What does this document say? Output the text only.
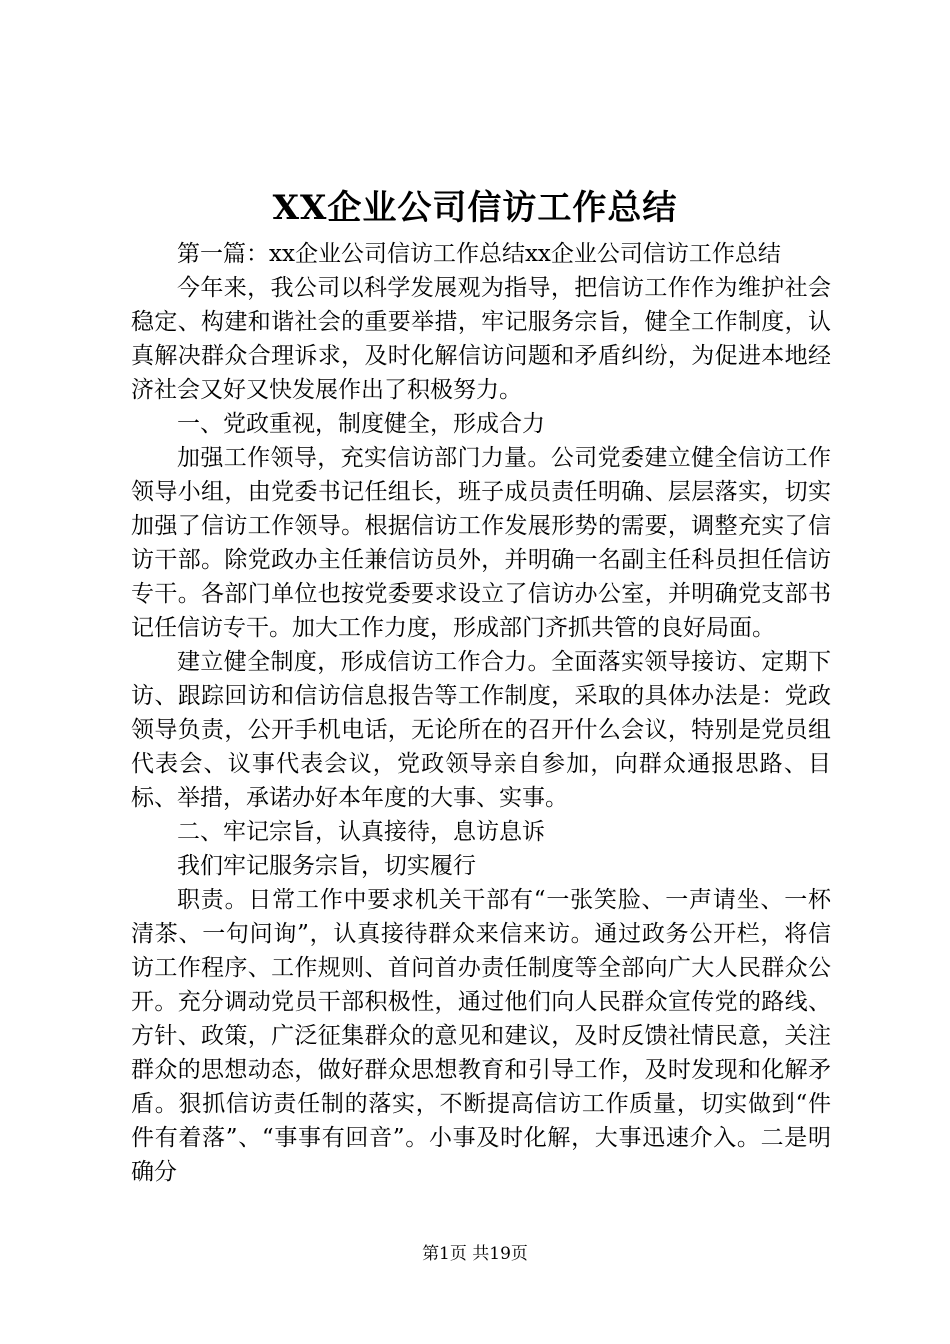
XX企业公司信访工作总结

第一篇：xx企业公司信访工作总结xx企业公司信访工作总结

今年来，我公司以科学发展观为指导，把信访工作作为维护社会稳定、构建和谐社会的重要举措，牢记服务宗旨，健全工作制度，认真解决群众合理诉求，及时化解信访问题和矛盾纠纷，为促进本地经济社会又好又快发展作出了积极努力。

一、党政重视，制度健全，形成合力

加强工作领导，充实信访部门力量。公司党委建立健全信访工作领导小组，由党委书记任组长，班子成员责任明确、层层落实，切实加强了信访工作领导。根据信访工作发展形势的需要，调整充实了信访干部。除党政办主任兼信访员外，并明确一名副主任科员担任信访专干。各部门单位也按党委要求设立了信访办公室，并明确党支部书记任信访专干。加大工作力度，形成部门齐抓共管的良好局面。

建立健全制度，形成信访工作合力。全面落实领导接访、定期下访、跟踪回访和信访信息报告等工作制度，采取的具体办法是：党政领导负责，公开手机电话，无论所在的召开什么会议，特别是党员组代表会、议事代表会议，党政领导亲自参加，向群众通报思路、目标、举措，承诺办好本年度的大事、实事。

二、牢记宗旨，认真接待，息访息诉

我们牢记服务宗旨，切实履行

职责。日常工作中要求机关干部有“一张笑脸、一声请坐、一杯清茶、一句问询”，认真接待群众来信来访。通过政务公开栏，将信访工作程序、工作规则、首问首办责任制度等全部向广大人民群众公开。充分调动党员干部积极性，通过他们向人民群众宣传党的路线、方针、政策，广泛征集群众的意见和建议，及时反馈社情民意，关注群众的思想动态，做好群众思想教育和引导工作，及时发现和化解矛盾。狠抓信访责任制的落实，不断提高信访工作质量，切实做到“件件有着落”、“事事有回音”。小事及时化解，大事迅速介入。二是明确分

第1页 共19页
